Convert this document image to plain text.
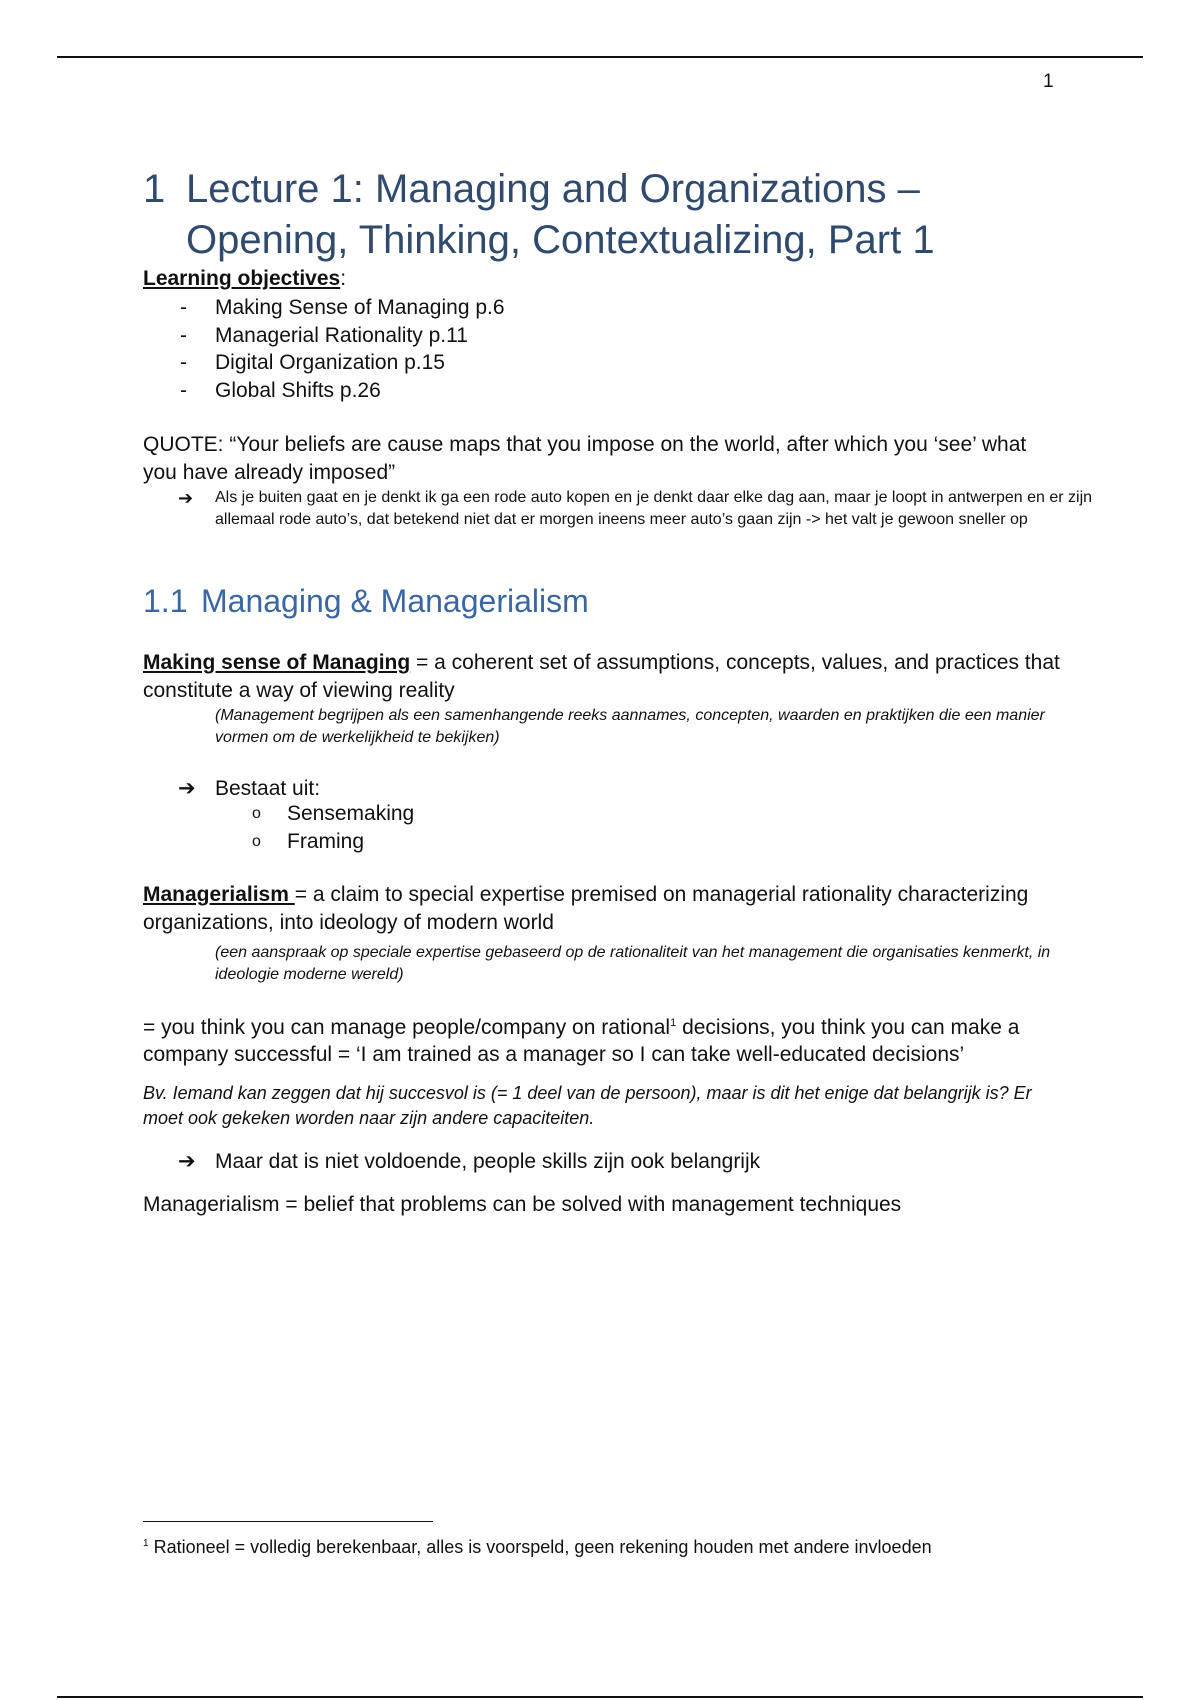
1
1 Lecture 1: Managing and Organizations – Opening, Thinking, Contextualizing, Part 1
Learning objectives:
- Making Sense of Managing p.6
- Managerial Rationality p.11
- Digital Organization p.15
- Global Shifts p.26
QUOTE: “Your beliefs are cause maps that you impose on the world, after which you ‘see’ what you have already imposed”
➔ Als je buiten gaat en je denkt ik ga een rode auto kopen en je denkt daar elke dag aan, maar je loopt in antwerpen en er zijn allemaal rode auto’s, dat betekend niet dat er morgen ineens meer auto’s gaan zijn -> het valt je gewoon sneller op
1.1 Managing & Managerialism
Making sense of Managing = a coherent set of assumptions, concepts, values, and practices that constitute a way of viewing reality
(Management begrijpen als een samenhangende reeks aannames, concepten, waarden en praktijken die een manier vormen om de werkelijkheid te bekijken)
➔ Bestaat uit:
o Sensemaking
o Framing
Managerialism = a claim to special expertise premised on managerial rationality characterizing organizations, into ideology of modern world
(een aanspraak op speciale expertise gebaseerd op de rationaliteit van het management die organisaties kenmerkt, in ideologie moderne wereld)
= you think you can manage people/company on rational$^1$ decisions, you think you can make a company successful = ‘I am trained as a manager so I can take well-educated decisions’
Bv. Iemand kan zeggen dat hij succesvol is (= 1 deel van de persoon), maar is dit het enige dat belangrijk is? Er moet ook gekeken worden naar zijn andere capaciteiten.
➔ Maar dat is niet voldoende, people skills zijn ook belangrijk
Managerialism = belief that problems can be solved with management techniques
$^1$ Rationeel = volledig berekenbaar, alles is voorspeld, geen rekening houden met andere invloeden
